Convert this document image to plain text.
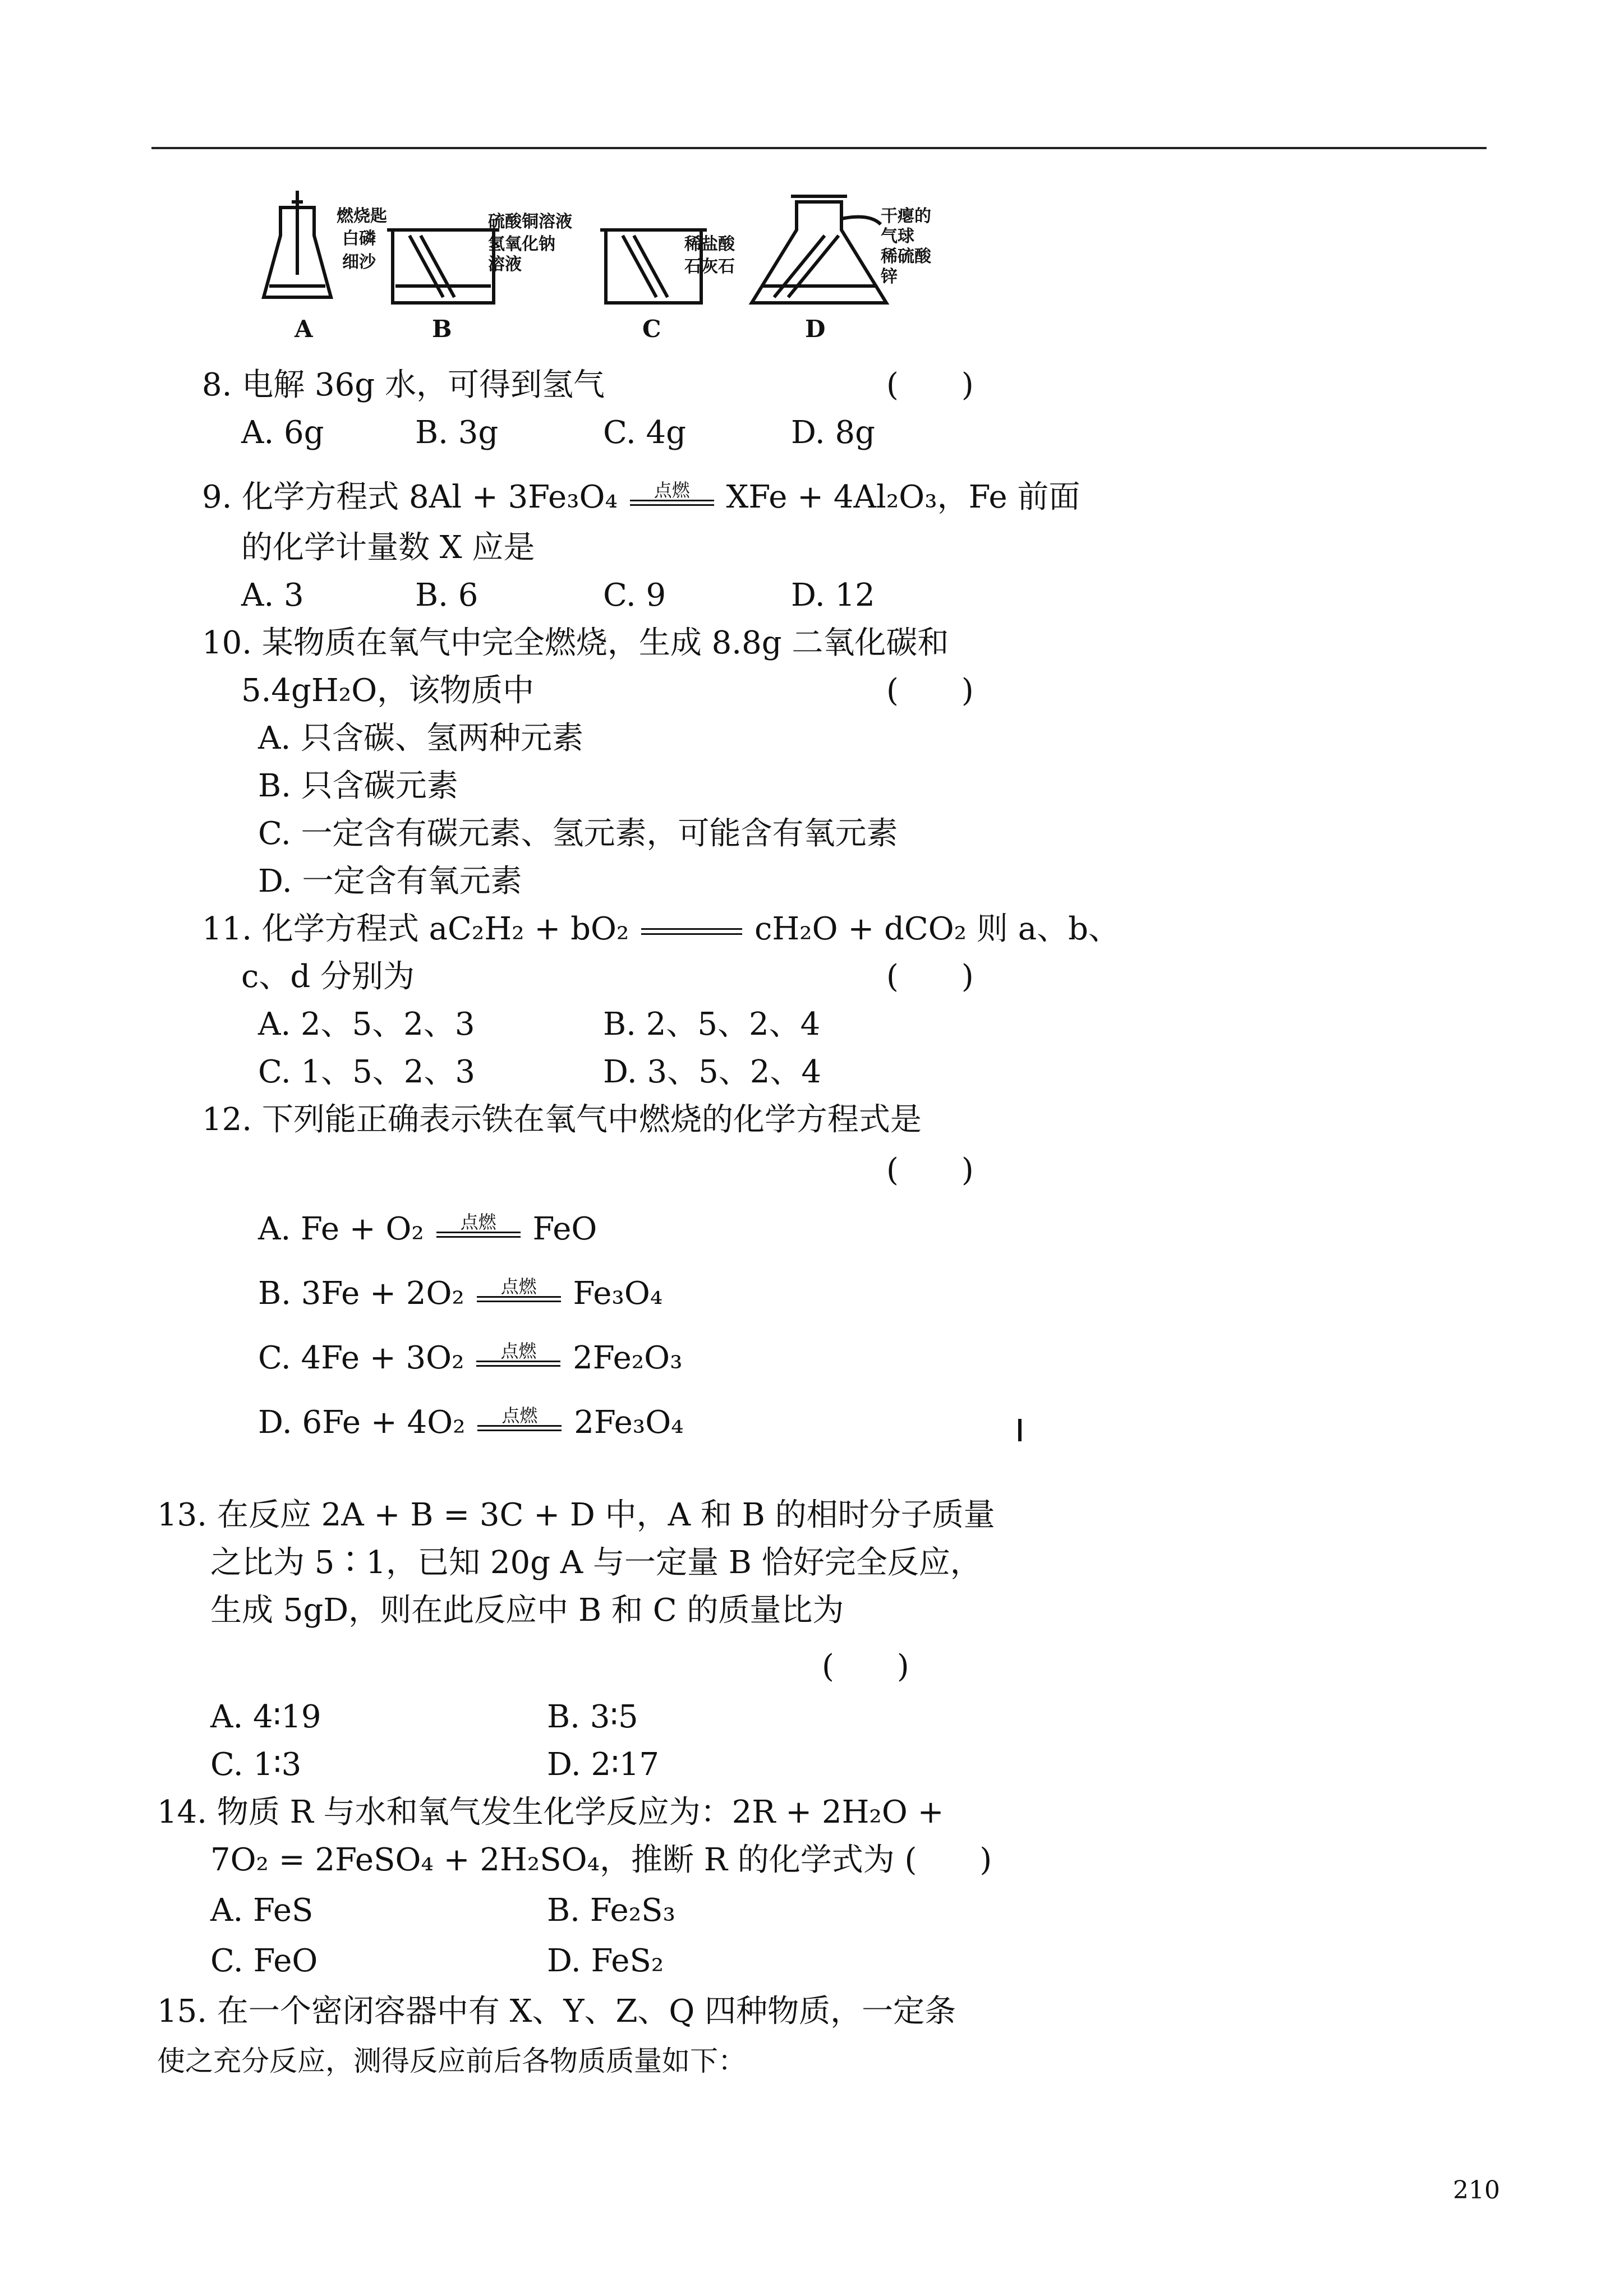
燃烧匙
白磷
细沙
硫酸铜溶液
氢氧化钠
溶液
稀盐酸
石灰石
干瘪的
气球
稀硫酸
锌
A	B	C	D
8. 电解 36g 水，可得到氢气	(　　)
A. 6g	B. 3g	C. 4g	D. 8g
9. 化学方程式 8Al + 3Fe₃O₄ 点燃 XFe + 4Al₂O₃，Fe 前面
的化学计量数 X 应是
A. 3	B. 6	C. 9	D. 12
10. 某物质在氧气中完全燃烧，生成 8.8g 二氧化碳和
5.4gH₂O，该物质中	(　　)
A. 只含碳、氢两种元素
B. 只含碳元素
C. 一定含有碳元素、氢元素，可能含有氧元素
D. 一定含有氧元素
11. 化学方程式 aC₂H₂ + bO₂	cH₂O + dCO₂ 则 a、b、
c、d 分别为	(　　)
A. 2、5、2、3	B. 2、5、2、4
C. 1、5、2、3	D. 3、5、2、4
12. 下列能正确表示铁在氧气中燃烧的化学方程式是
(　　)
A. Fe + O₂ 点燃 FeO
B. 3Fe + 2O₂ 点燃 Fe₃O₄
C. 4Fe + 3O₂ 点燃 2Fe₂O₃
D. 6Fe + 4O₂ 点燃 2Fe₃O₄
13. 在反应 2A + B = 3C + D 中，A 和 B 的相时分子质量
之比为 5∶1，已知 20g A 与一定量 B 恰好完全反应，
生成 5gD，则在此反应中 B 和 C 的质量比为
(　　)
A. 4∶19	B. 3∶5
C. 1∶3	D. 2∶17
14. 物质 R 与水和氧气发生化学反应为：2R + 2H₂O +
7O₂ = 2FeSO₄ + 2H₂SO₄，推断 R 的化学式为 (　　)
A. FeS	B. Fe₂S₃
C. FeO	D. FeS₂
15. 在一个密闭容器中有 X、Y、Z、Q 四种物质，一定条
使之充分反应，测得反应前后各物质质量如下：
210
